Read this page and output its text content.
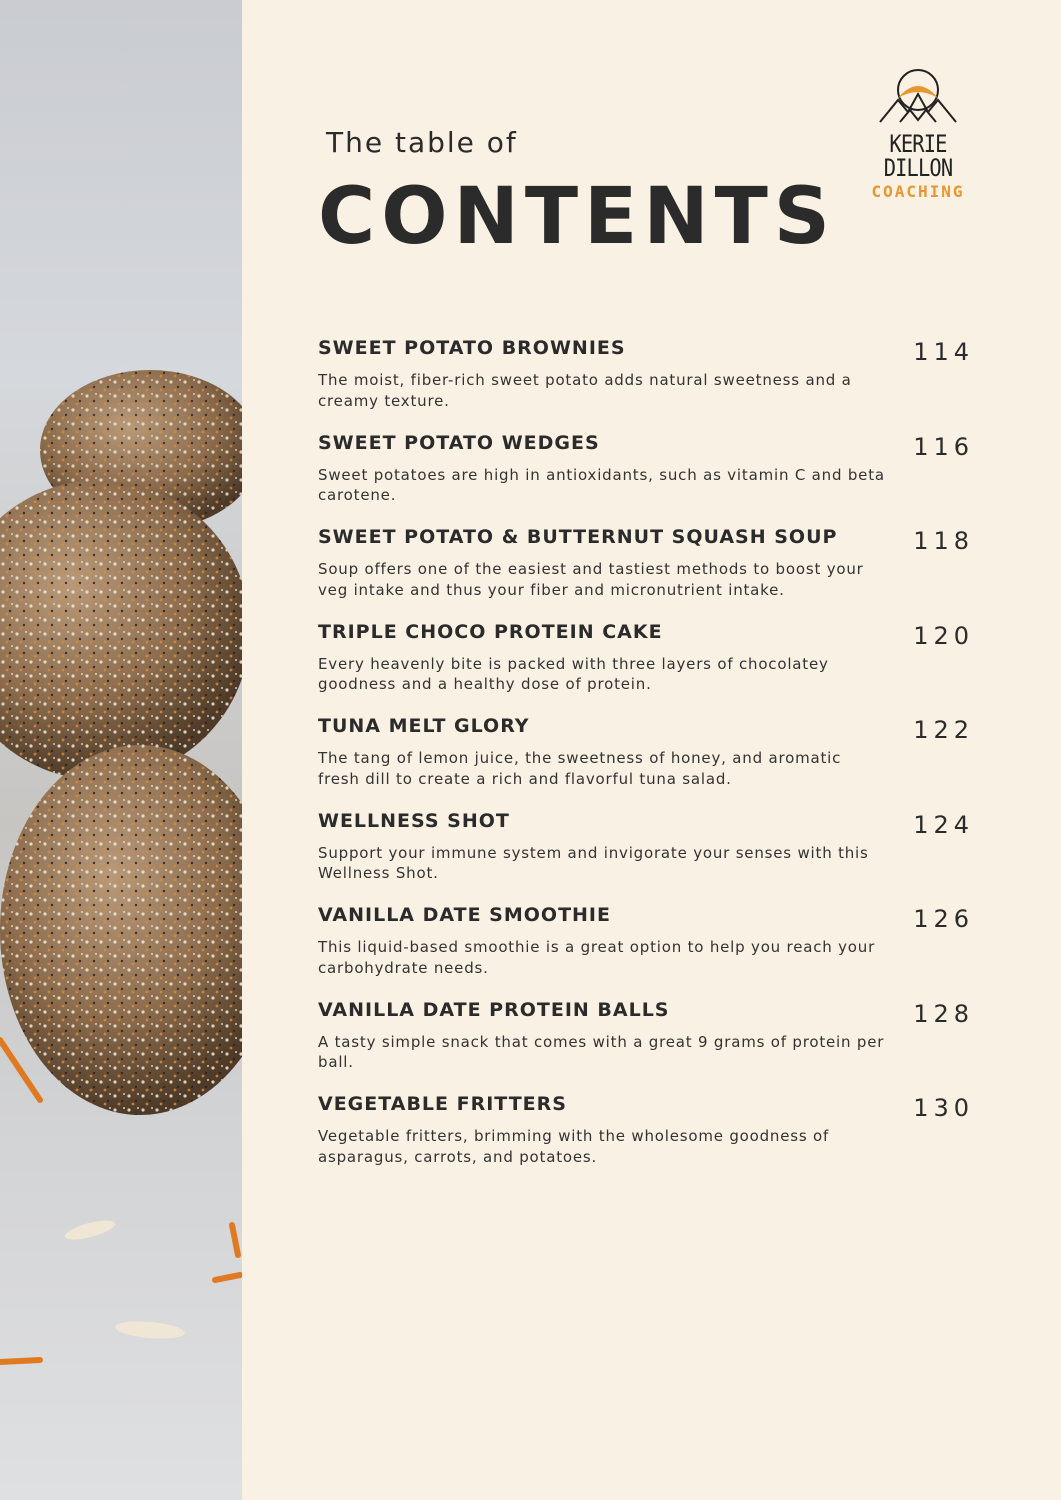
The table of
CONTENTS
KERIE DILLON
COACHING
SWEET POTATO BROWNIES
The moist, fiber-rich sweet potato adds natural sweetness and a creamy texture.
114
SWEET POTATO WEDGES
Sweet potatoes are high in antioxidants, such as vitamin C and beta carotene.
116
SWEET POTATO & BUTTERNUT SQUASH SOUP
Soup offers one of the easiest and tastiest methods to boost your veg intake and thus your fiber and micronutrient intake.
118
TRIPLE CHOCO PROTEIN CAKE
Every heavenly bite is packed with three layers of chocolatey goodness and a healthy dose of protein.
120
TUNA MELT GLORY
The tang of lemon juice, the sweetness of honey, and aromatic fresh dill to create a rich and flavorful tuna salad.
122
WELLNESS SHOT
Support your immune system and invigorate your senses with this Wellness Shot.
124
VANILLA DATE SMOOTHIE
This liquid-based smoothie is a great option to help you reach your carbohydrate needs.
126
VANILLA DATE PROTEIN BALLS
A tasty simple snack that comes with a great 9 grams of protein per ball.
128
VEGETABLE FRITTERS
Vegetable fritters, brimming with the wholesome goodness of asparagus, carrots, and potatoes.
130
